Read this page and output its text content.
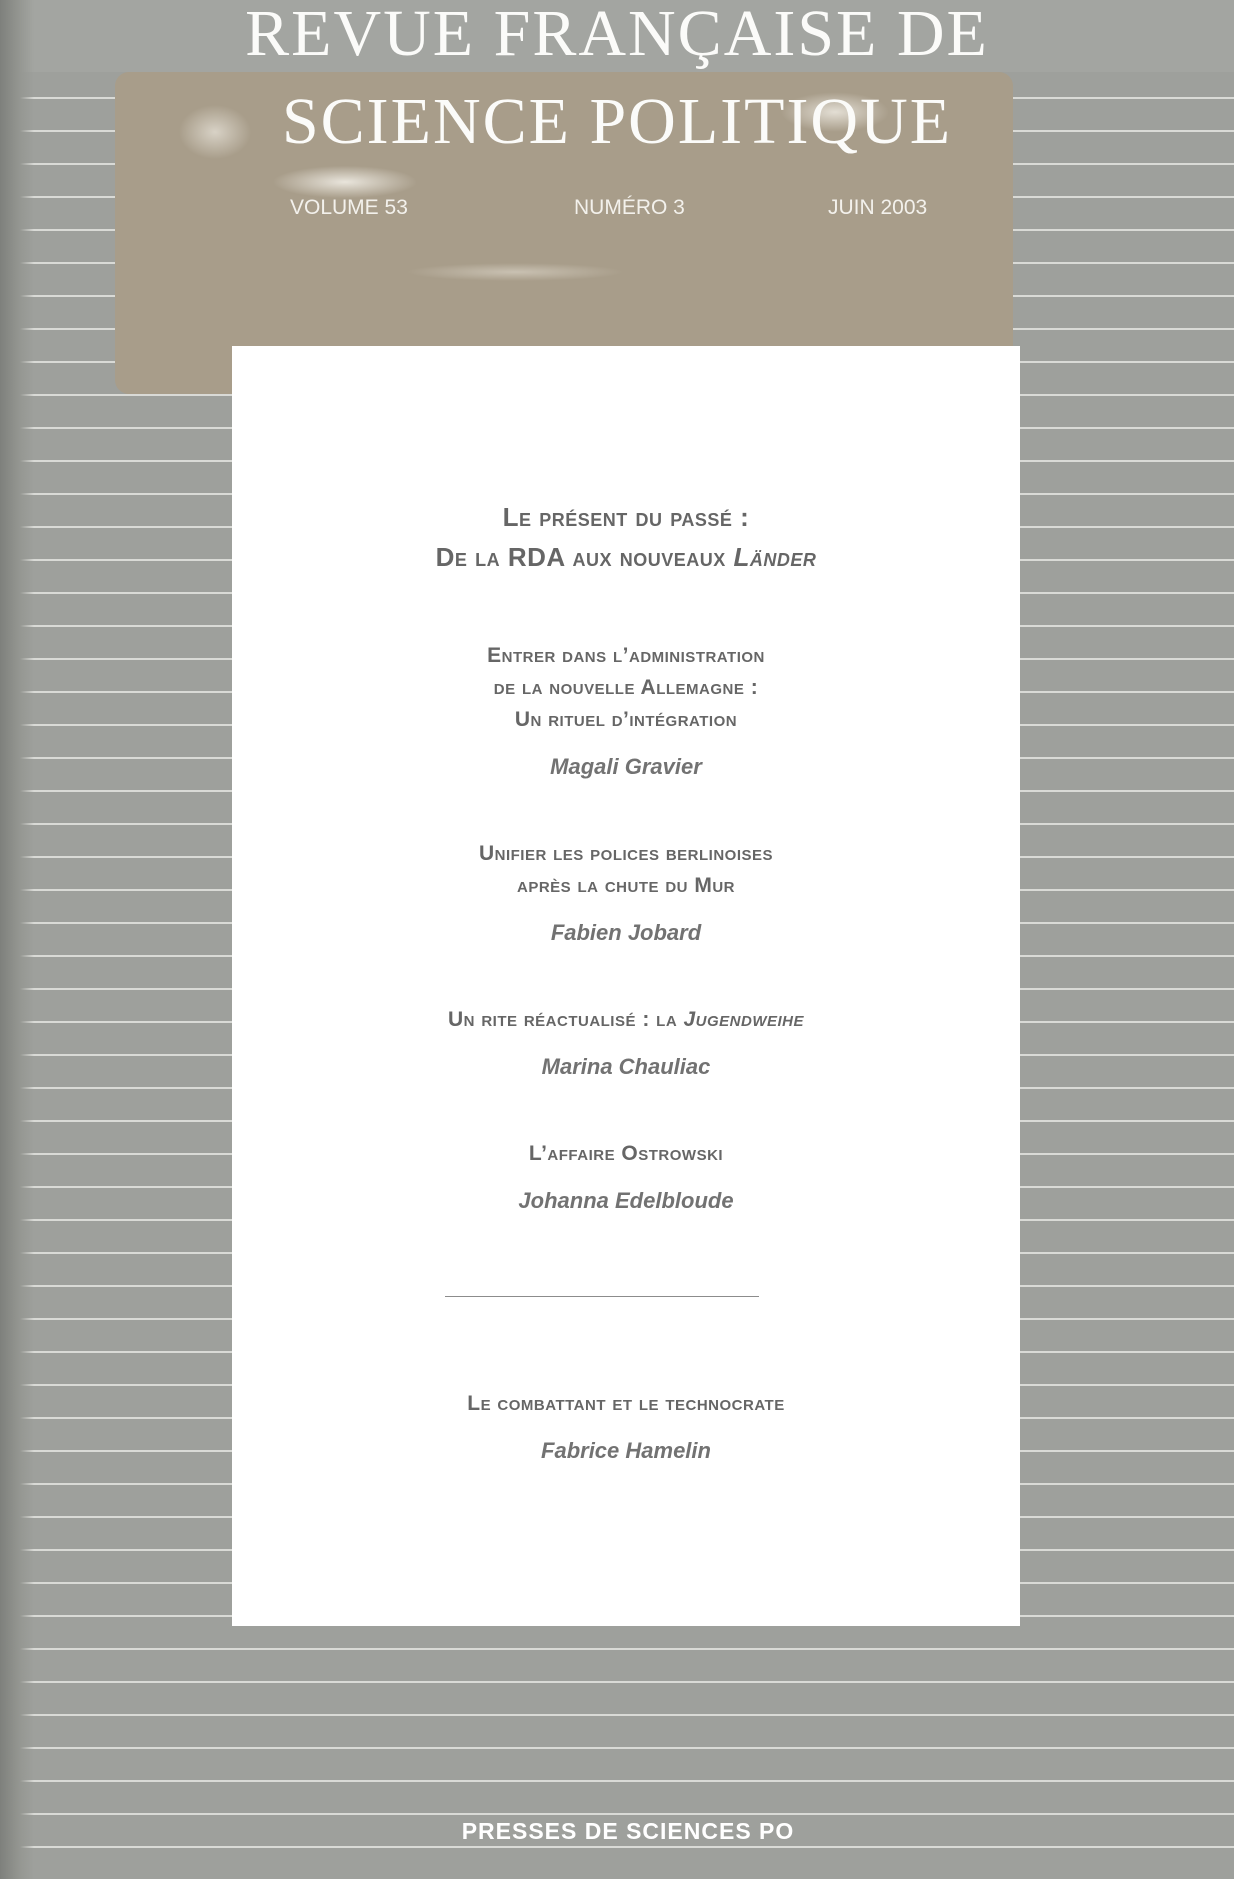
REVUE FRANÇAISE DE
SCIENCE POLITIQUE
VOLUME 53	NUMÉRO 3	JUIN 2003
Le présent du passé :
De la RDA aux nouveaux Länder
Entrer dans l’administration
de la nouvelle Allemagne :
Un rituel d’intégration
Magali Gravier
Unifier les polices berlinoises
après la chute du Mur
Fabien Jobard
Un rite réactualisé : la Jugendweihe
Marina Chauliac
L’affaire Ostrowski
Johanna Edelbloude
Le combattant et le technocrate
Fabrice Hamelin

PRESSES DE SCIENCES PO
